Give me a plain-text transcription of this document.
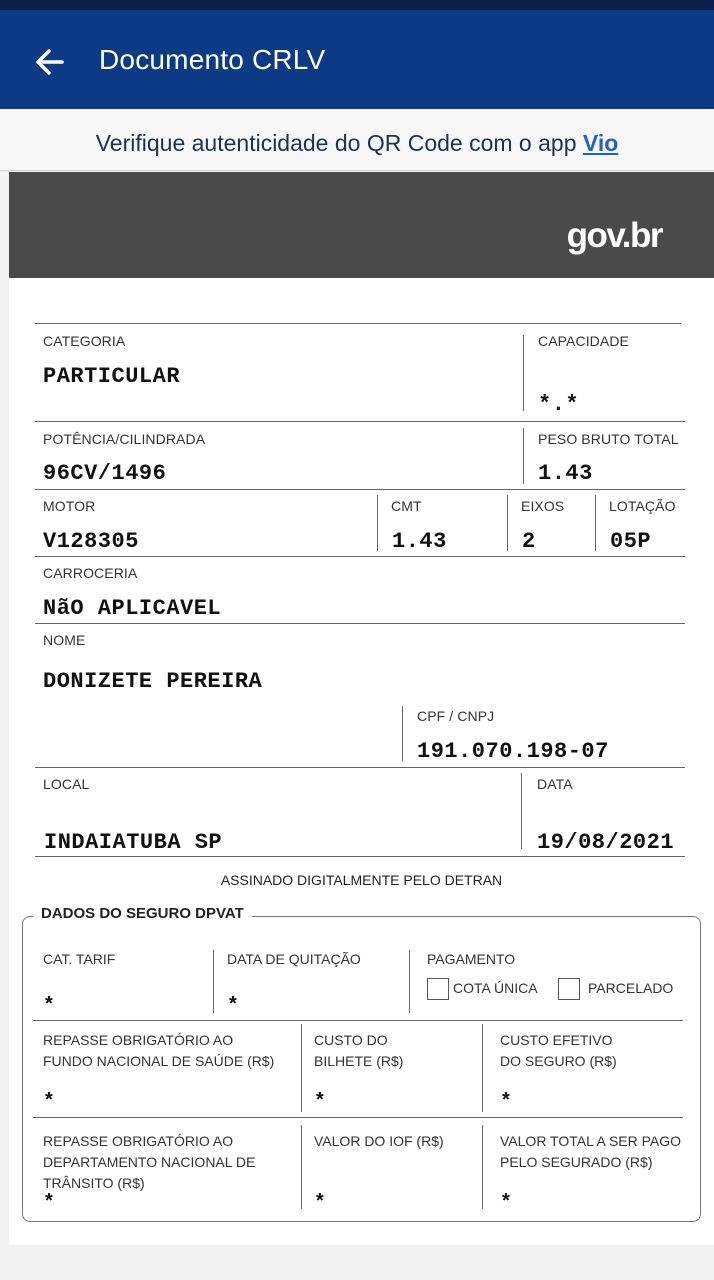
Documento CRLV
Verifique autenticidade do QR Code com o app Vio
gov.br
CATEGORIA
PARTICULAR
CAPACIDADE
*.*
POTÊNCIA/CILINDRADA
96CV/1496
PESO BRUTO TOTAL
1.43
MOTOR
V128305
CMT
1.43
EIXOS
2
LOTAÇÃO
05P
CARROCERIA
NãO APLICAVEL
NOME
DONIZETE PEREIRA
CPF / CNPJ
191.070.198-07
LOCAL
INDAIATUBA SP
DATA
19/08/2021
ASSINADO DIGITALMENTE PELO DETRAN
DADOS DO SEGURO DPVAT
CAT. TARIF
*
DATA DE QUITAÇÃO
*
PAGAMENTO
COTA ÚNICA	PARCELADO
REPASSE OBRIGATÓRIO AO
FUNDO NACIONAL DE SAÚDE (R$)
*
CUSTO DO
BILHETE (R$)
*
CUSTO EFETIVO
DO SEGURO (R$)
*
REPASSE OBRIGATÓRIO AO
DEPARTAMENTO NACIONAL DE
TRÂNSITO (R$)
*
VALOR DO IOF (R$)
*
VALOR TOTAL A SER PAGO
PELO SEGURADO (R$)
*
